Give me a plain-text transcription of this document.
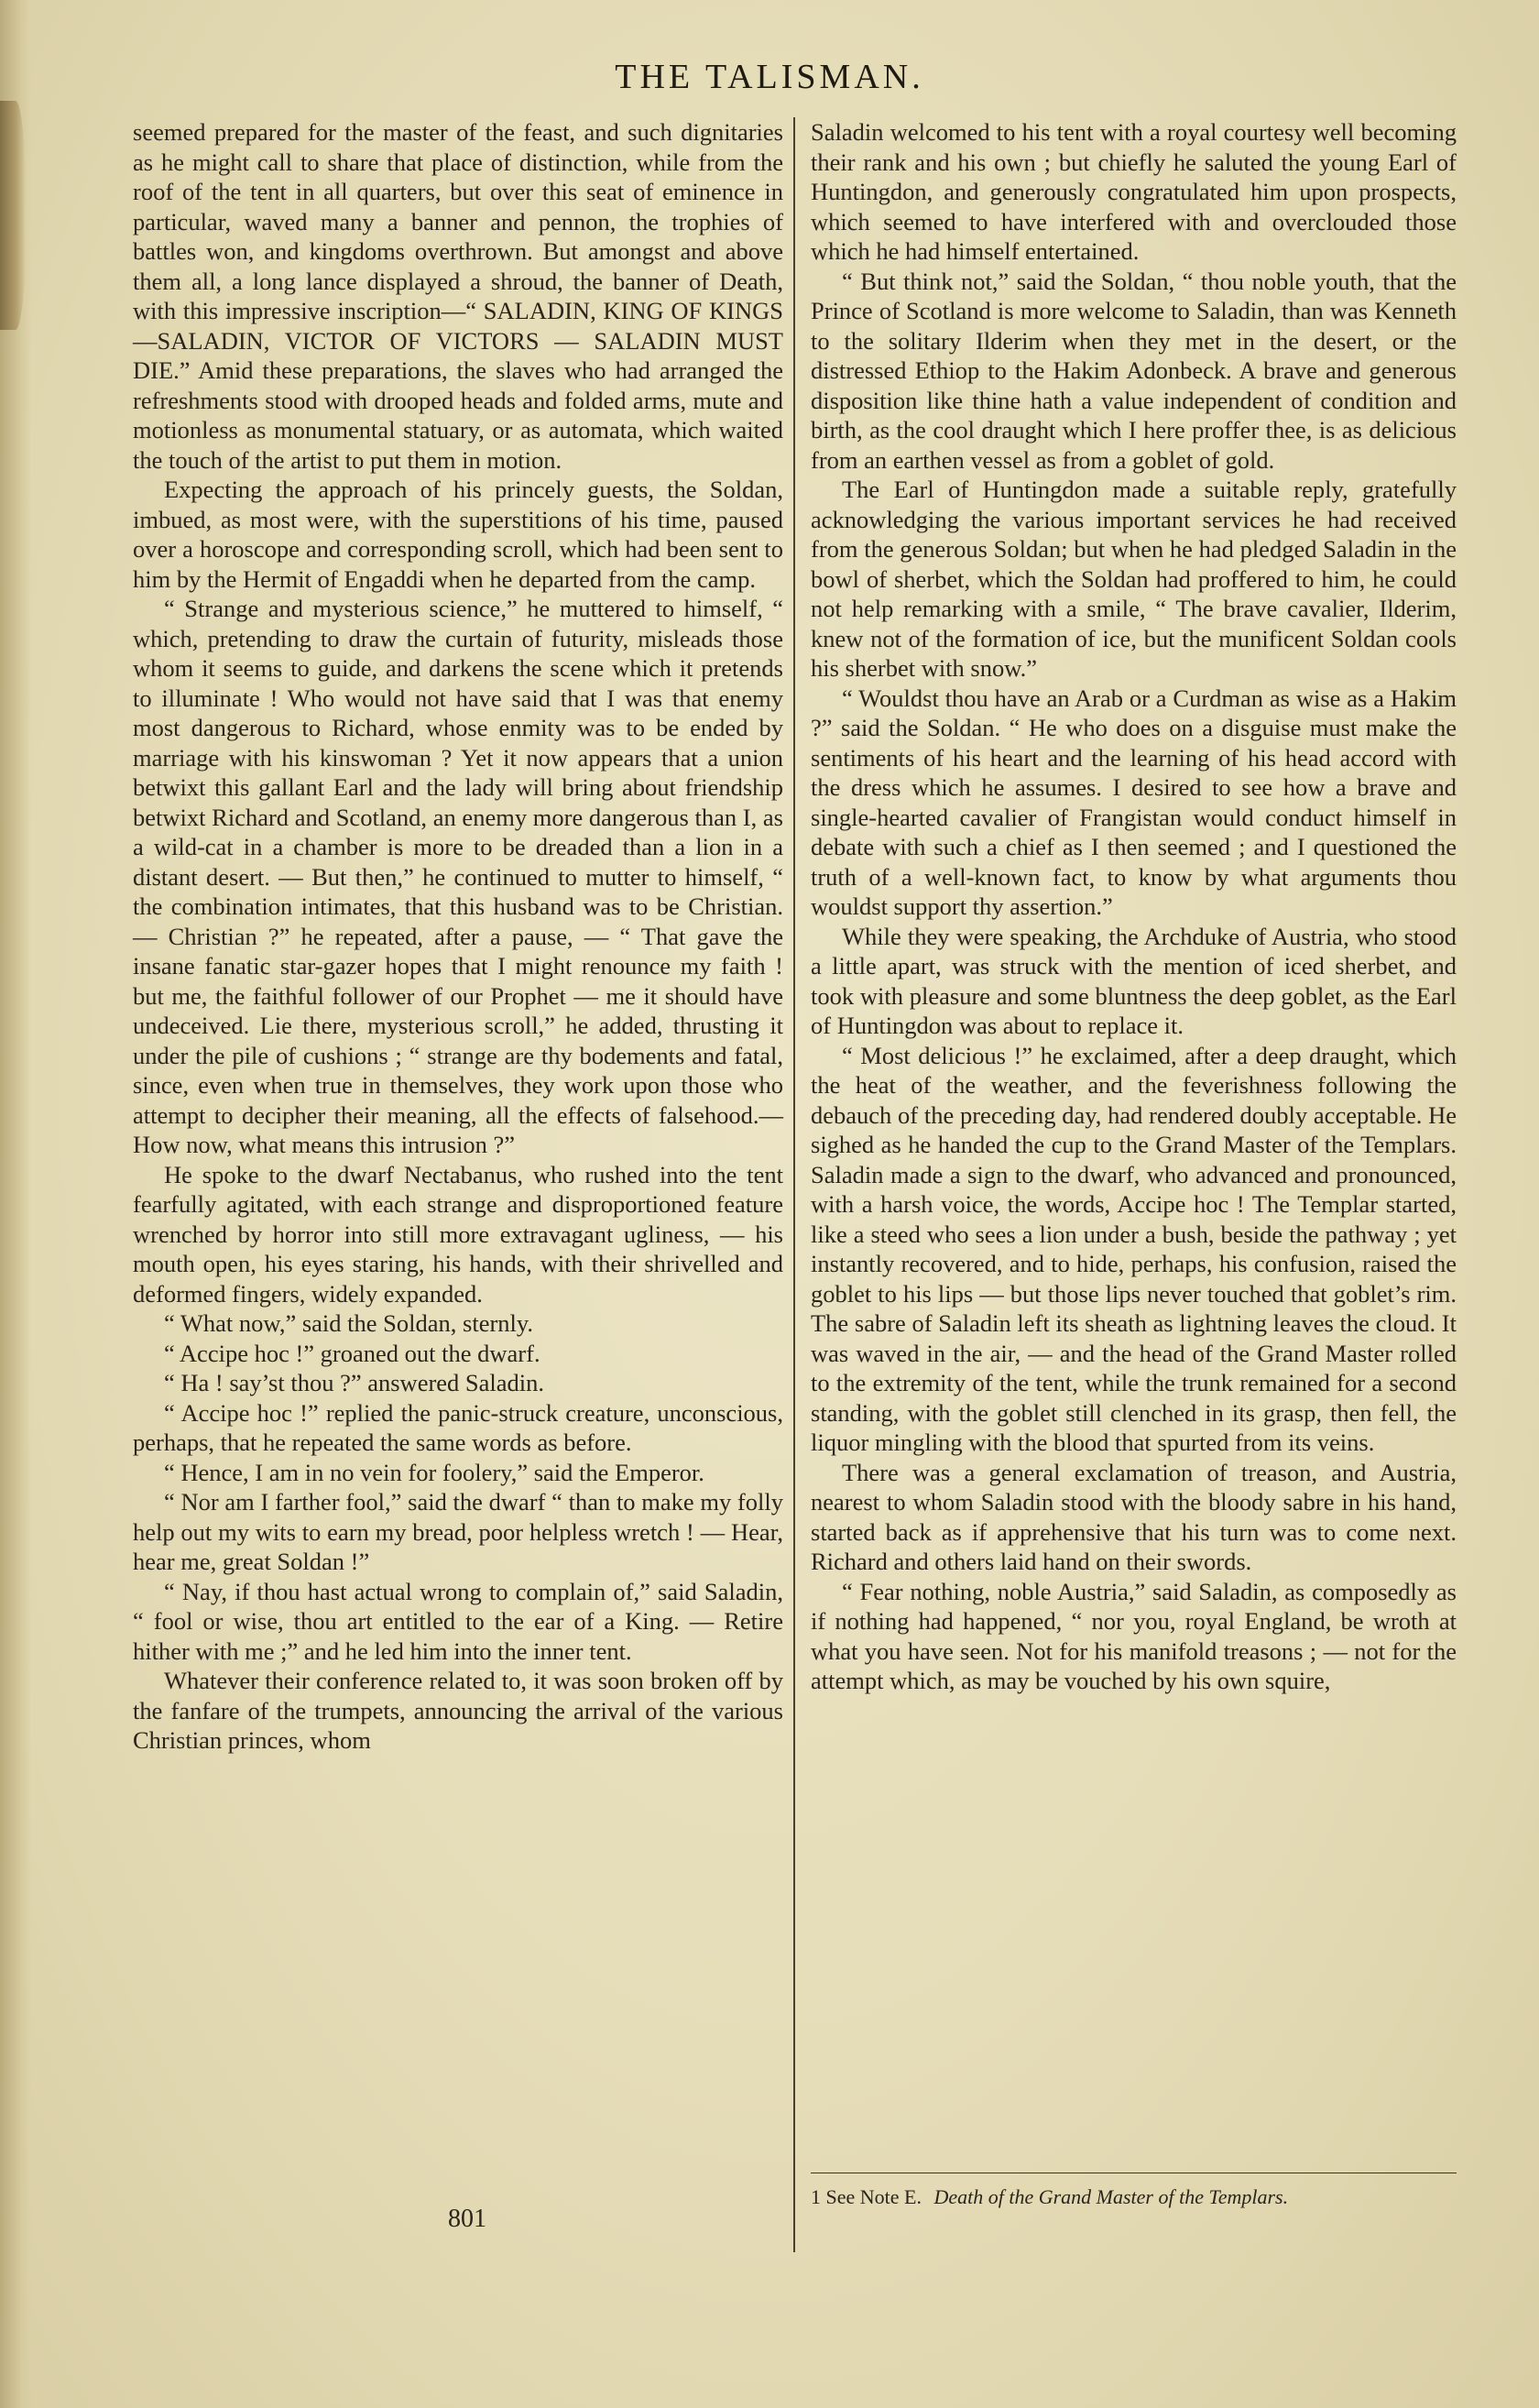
THE TALISMAN.

seemed prepared for the master of the feast, and such dignitaries as he might call to share that place of distinction, while from the roof of the tent in all quarters, but over this seat of eminence in particular, waved many a banner and pennon, the trophies of battles won, and kingdoms overthrown. But amongst and above them all, a long lance displayed a shroud, the banner of Death, with this impressive inscription—“ SALADIN, KING OF KINGS—SALADIN, VICTOR OF VICTORS — SALADIN MUST DIE.” Amid these preparations, the slaves who had arranged the refreshments stood with drooped heads and folded arms, mute and motionless as monumental statuary, or as automata, which waited the touch of the artist to put them in motion.

Expecting the approach of his princely guests, the Soldan, imbued, as most were, with the superstitions of his time, paused over a horoscope and corresponding scroll, which had been sent to him by the Hermit of Engaddi when he departed from the camp.

“ Strange and mysterious science,” he muttered to himself, “ which, pretending to draw the curtain of futurity, misleads those whom it seems to guide, and darkens the scene which it pretends to illuminate ! Who would not have said that I was that enemy most dangerous to Richard, whose enmity was to be ended by marriage with his kinswoman ? Yet it now appears that a union betwixt this gallant Earl and the lady will bring about friendship betwixt Richard and Scotland, an enemy more dangerous than I, as a wild-cat in a chamber is more to be dreaded than a lion in a distant desert. — But then,” he continued to mutter to himself, “ the combination intimates, that this husband was to be Christian. — Christian ?” he repeated, after a pause, — “ That gave the insane fanatic star-gazer hopes that I might renounce my faith ! but me, the faithful follower of our Prophet — me it should have undeceived. Lie there, mysterious scroll,” he added, thrusting it under the pile of cushions ; “ strange are thy bodements and fatal, since, even when true in themselves, they work upon those who attempt to decipher their meaning, all the effects of falsehood.—How now, what means this intrusion ?”

He spoke to the dwarf Nectabanus, who rushed into the tent fearfully agitated, with each strange and disproportioned feature wrenched by horror into still more extravagant ugliness, — his mouth open, his eyes staring, his hands, with their shrivelled and deformed fingers, widely expanded.

“ What now,” said the Soldan, sternly.

“ Accipe hoc !” groaned out the dwarf.

“ Ha ! say’st thou ?” answered Saladin.

“ Accipe hoc !” replied the panic-struck creature, unconscious, perhaps, that he repeated the same words as before.

“ Hence, I am in no vein for foolery,” said the Emperor.

“ Nor am I farther fool,” said the dwarf “ than to make my folly help out my wits to earn my bread, poor helpless wretch ! — Hear, hear me, great Soldan !”

“ Nay, if thou hast actual wrong to complain of,” said Saladin, “ fool or wise, thou art entitled to the ear of a King. — Retire hither with me ;” and he led him into the inner tent.

Whatever their conference related to, it was soon broken off by the fanfare of the trumpets, announcing the arrival of the various Christian princes, whom

Saladin welcomed to his tent with a royal courtesy well becoming their rank and his own ; but chiefly he saluted the young Earl of Huntingdon, and generously congratulated him upon prospects, which seemed to have interfered with and overclouded those which he had himself entertained.

“ But think not,” said the Soldan, “ thou noble youth, that the Prince of Scotland is more welcome to Saladin, than was Kenneth to the solitary Ilderim when they met in the desert, or the distressed Ethiop to the Hakim Adonbeck. A brave and generous disposition like thine hath a value independent of condition and birth, as the cool draught which I here proffer thee, is as delicious from an earthen vessel as from a goblet of gold.

The Earl of Huntingdon made a suitable reply, gratefully acknowledging the various important services he had received from the generous Soldan; but when he had pledged Saladin in the bowl of sherbet, which the Soldan had proffered to him, he could not help remarking with a smile, “ The brave cavalier, Ilderim, knew not of the formation of ice, but the munificent Soldan cools his sherbet with snow.”

“ Wouldst thou have an Arab or a Curdman as wise as a Hakim ?” said the Soldan. “ He who does on a disguise must make the sentiments of his heart and the learning of his head accord with the dress which he assumes. I desired to see how a brave and single-hearted cavalier of Frangistan would conduct himself in debate with such a chief as I then seemed ; and I questioned the truth of a well-known fact, to know by what arguments thou wouldst support thy assertion.”

While they were speaking, the Archduke of Austria, who stood a little apart, was struck with the mention of iced sherbet, and took with pleasure and some bluntness the deep goblet, as the Earl of Huntingdon was about to replace it.

“ Most delicious !” he exclaimed, after a deep draught, which the heat of the weather, and the feverishness following the debauch of the preceding day, had rendered doubly acceptable. He sighed as he handed the cup to the Grand Master of the Templars. Saladin made a sign to the dwarf, who advanced and pronounced, with a harsh voice, the words, Accipe hoc ! The Templar started, like a steed who sees a lion under a bush, beside the pathway ; yet instantly recovered, and to hide, perhaps, his confusion, raised the goblet to his lips — but those lips never touched that goblet’s rim. The sabre of Saladin left its sheath as lightning leaves the cloud. It was waved in the air, — and the head of the Grand Master rolled to the extremity of the tent, while the trunk remained for a second standing, with the goblet still clenched in its grasp, then fell, the liquor mingling with the blood that spurted from its veins.

There was a general exclamation of treason, and Austria, nearest to whom Saladin stood with the bloody sabre in his hand, started back as if apprehensive that his turn was to come next. Richard and others laid hand on their swords.

“ Fear nothing, noble Austria,” said Saladin, as composedly as if nothing had happened, “ nor you, royal England, be wroth at what you have seen. Not for his manifold treasons ; — not for the attempt which, as may be vouched by his own squire,

801
1 See Note E. Death of the Grand Master of the Templars.
